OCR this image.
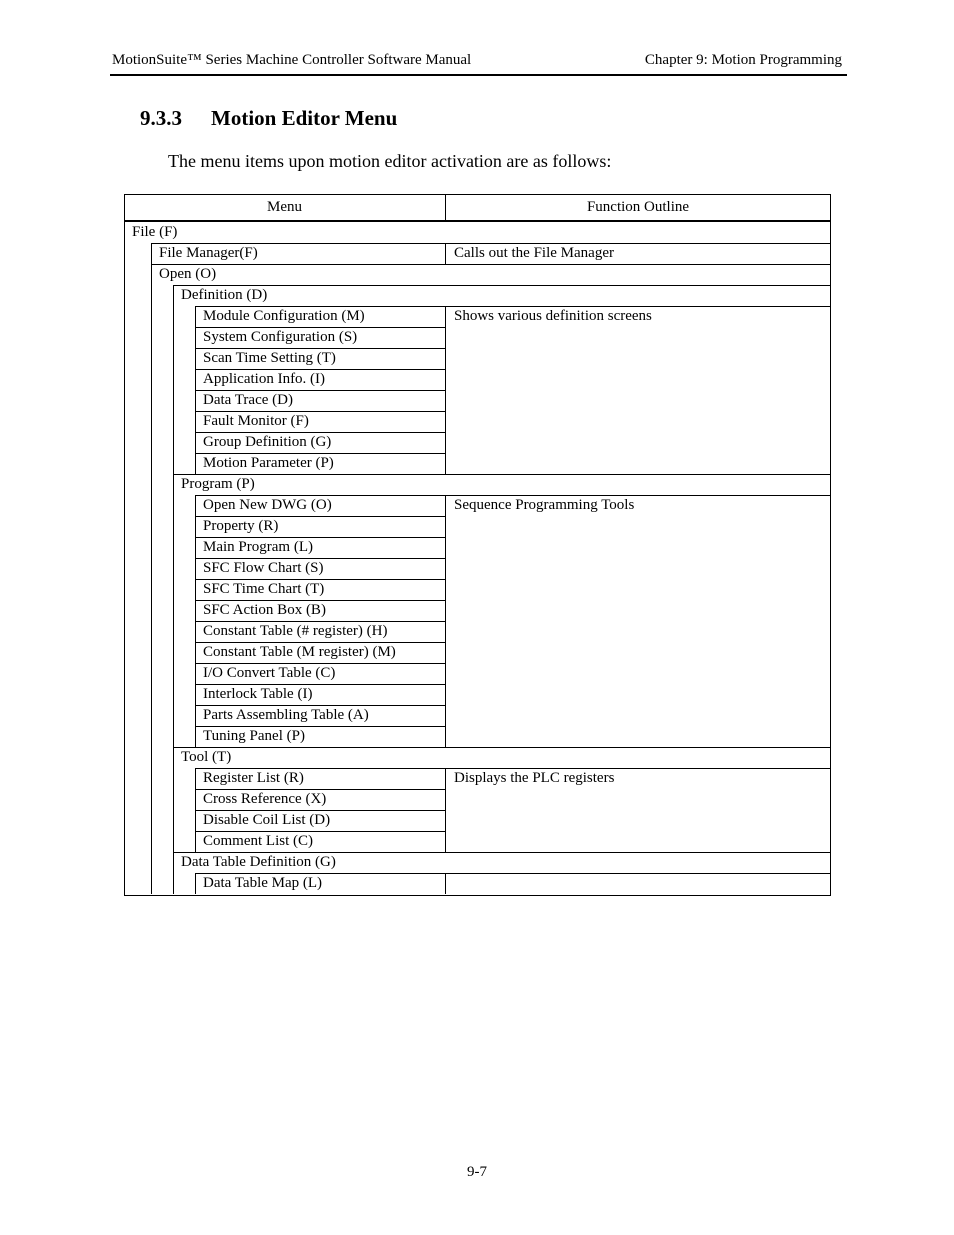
MotionSuite™ Series Machine Controller Software Manual	Chapter 9: Motion Programming
9.3.3 Motion Editor Menu
The menu items upon motion editor activation are as follows:
Menu	Function Outline
File (F)
File Manager(F)	Calls out the File Manager
Open (O)
Definition (D)
Module Configuration (M)	Shows various definition screens
System Configuration (S)
Scan Time Setting (T)
Application Info. (I)
Data Trace (D)
Fault Monitor (F)
Group Definition (G)
Motion Parameter (P)
Program (P)
Open New DWG (O)	Sequence Programming Tools
Property (R)
Main Program (L)
SFC Flow Chart (S)
SFC Time Chart (T)
SFC Action Box (B)
Constant Table (# register) (H)
Constant Table (M register) (M)
I/O Convert Table (C)
Interlock Table (I)
Parts Assembling Table (A)
Tuning Panel (P)
Tool (T)
Register List (R)	Displays the PLC registers
Cross Reference (X)
Disable Coil List (D)
Comment List (C)
Data Table Definition (G)
Data Table Map (L)
9-7
